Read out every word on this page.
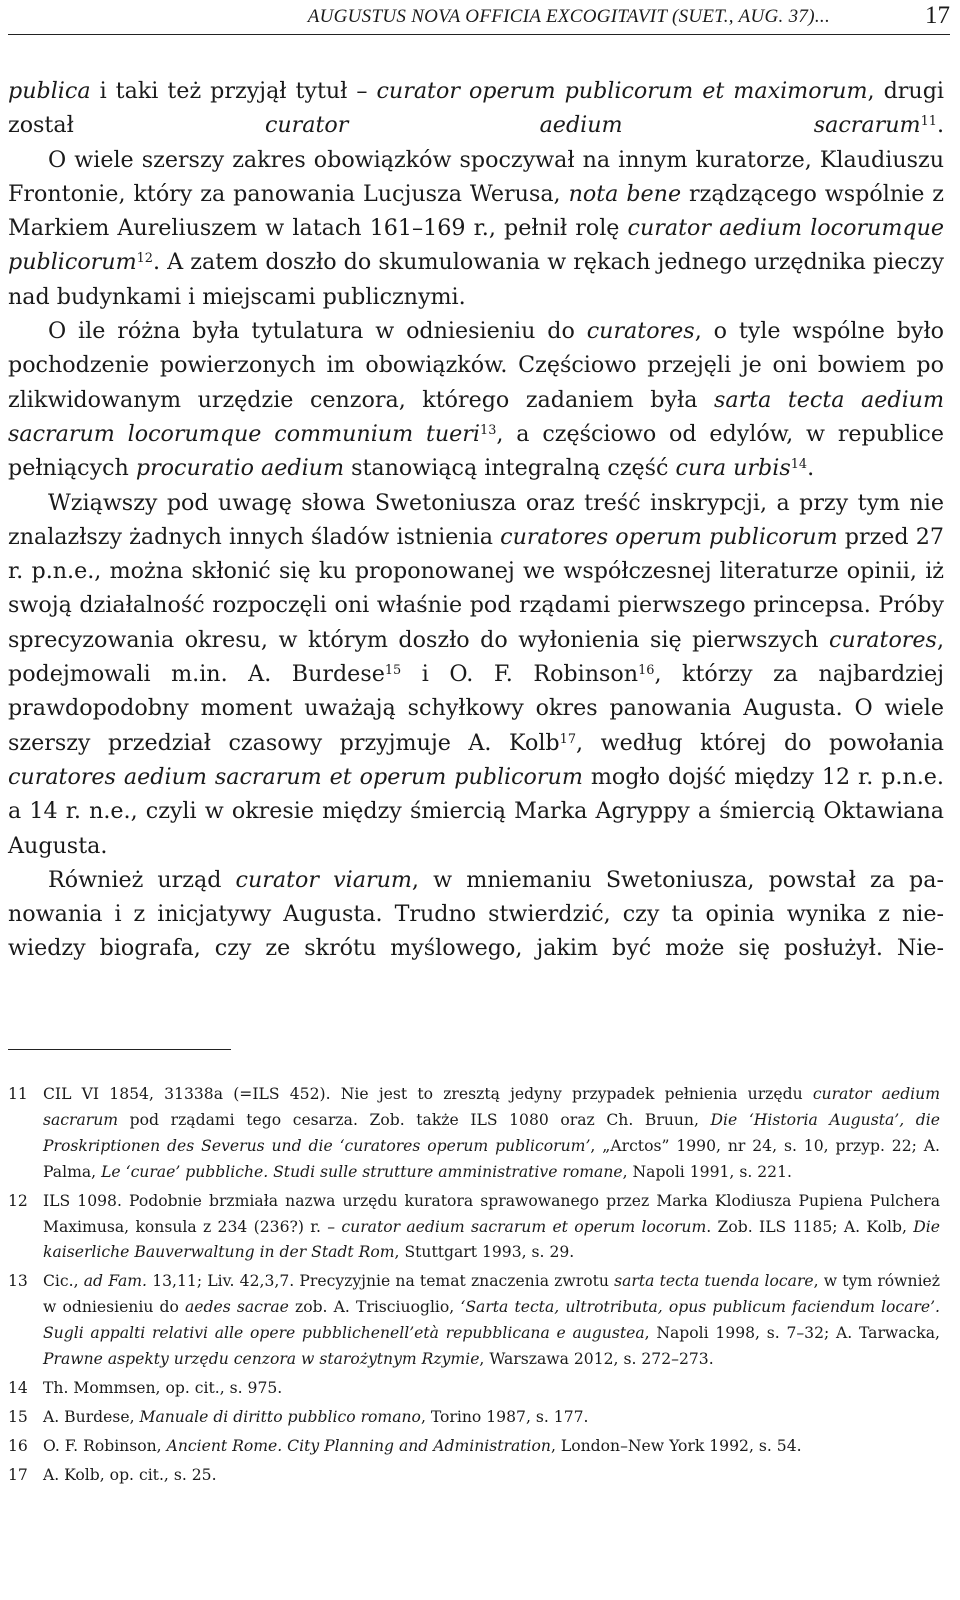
AUGUSTUS NOVA OFFICIA EXCOGITAVIT (SUET., AUG. 37)...	17

publica i taki też przyjął tytuł – curator operum publicorum et maximorum, drugi został curator aedium sacrarum$^{11}$.

O wiele szerszy zakres obowiązków spoczywał na innym kuratorze, Klaudiuszu Frontonie, który za panowania Lucjusza Werusa, nota bene rządzącego wspólnie z Markiem Aureliuszem w latach 161–169 r., pełnił rolę curator aedium locorumque publicorum$^{12}$. A zatem doszło do skumulowania w rękach jednego urzędnika pieczy nad budynkami i miejscami publicznymi.

O ile różna była tytulatura w odniesieniu do curatores, o tyle wspólne było pochodzenie powierzonych im obowiązków. Częściowo przejęli je oni bowiem po zlikwidowanym urzędzie cenzora, którego zadaniem była sarta tecta aedium sacrarum locorumque communium tueri$^{13}$, a częściowo od edylów, w republice pełniących procuratio aedium stanowiącą integralną część cura urbis$^{14}$.

Wziąwszy pod uwagę słowa Swetoniusza oraz treść inskrypcji, a przy tym nie znalazłszy żadnych innych śladów istnienia curatores operum publicorum przed 27 r. p.n.e., można skłonić się ku proponowanej we współczesnej literaturze opinii, iż swoją działalność rozpoczęli oni właśnie pod rządami pierwszego princepsa. Próby sprecyzowania okresu, w którym doszło do wyłonienia się pierwszych curatores, podejmowali m.in. A. Burdese$^{15}$ i O. F. Robinson$^{16}$, którzy za najbardziej prawdopodobny moment uważają schyłkowy okres panowania Augusta. O wiele szerszy przedział czasowy przyjmuje A. Kolb$^{17}$, według której do powołania curatores aedium sacrarum et operum publicorum mogło dojść między 12 r. p.n.e. a 14 r. n.e., czyli w okresie między śmiercią Marka Agryppy a śmiercią Oktawiana Augusta.

Również urząd curator viarum, w mniemaniu Swetoniusza, powstał za panowania i z inicjatywy Augusta. Trudno stwierdzić, czy ta opinia wynika z niewiedzy biografa, czy ze skrótu myślowego, jakim być może się posłużył. Nie-

11 CIL VI 1854, 31338a (=ILS 452). Nie jest to zresztą jedyny przypadek pełnienia urzędu curator aedium sacrarum pod rządami tego cesarza. Zob. także ILS 1080 oraz Ch. Bruun, Die ‘Historia Augusta’, die Proskriptionen des Severus und die ‘curatores operum publicorum’, „Arctos” 1990, nr 24, s. 10, przyp. 22; A. Palma, Le ‘curae’ pubbliche. Studi sulle strutture amministrative romane, Napoli 1991, s. 221.
12 ILS 1098. Podobnie brzmiała nazwa urzędu kuratora sprawowanego przez Marka Klodiusza Pupiena Pulchera Maximusa, konsula z 234 (236?) r. – curator aedium sacrarum et operum locorum. Zob. ILS 1185; A. Kolb, Die kaiserliche Bauverwaltung in der Stadt Rom, Stuttgart 1993, s. 29.
13 Cic., ad Fam. 13,11; Liv. 42,3,7. Precyzyjnie na temat znaczenia zwrotu sarta tecta tuenda locare, w tym również w odniesieniu do aedes sacrae zob. A. Trisciuoglio, ‘Sarta tecta, ultrotributa, opus publicum faciendum locare’. Sugli appalti relativi alle opere pubblichenell’età repubblicana e augustea, Napoli 1998, s. 7–32; A. Tarwacka, Prawne aspekty urzędu cenzora w starożytnym Rzymie, Warszawa 2012, s. 272–273.
14 Th. Mommsen, op. cit., s. 975.
15 A. Burdese, Manuale di diritto pubblico romano, Torino 1987, s. 177.
16 O. F. Robinson, Ancient Rome. City Planning and Administration, London–New York 1992, s. 54.
17 A. Kolb, op. cit., s. 25.
